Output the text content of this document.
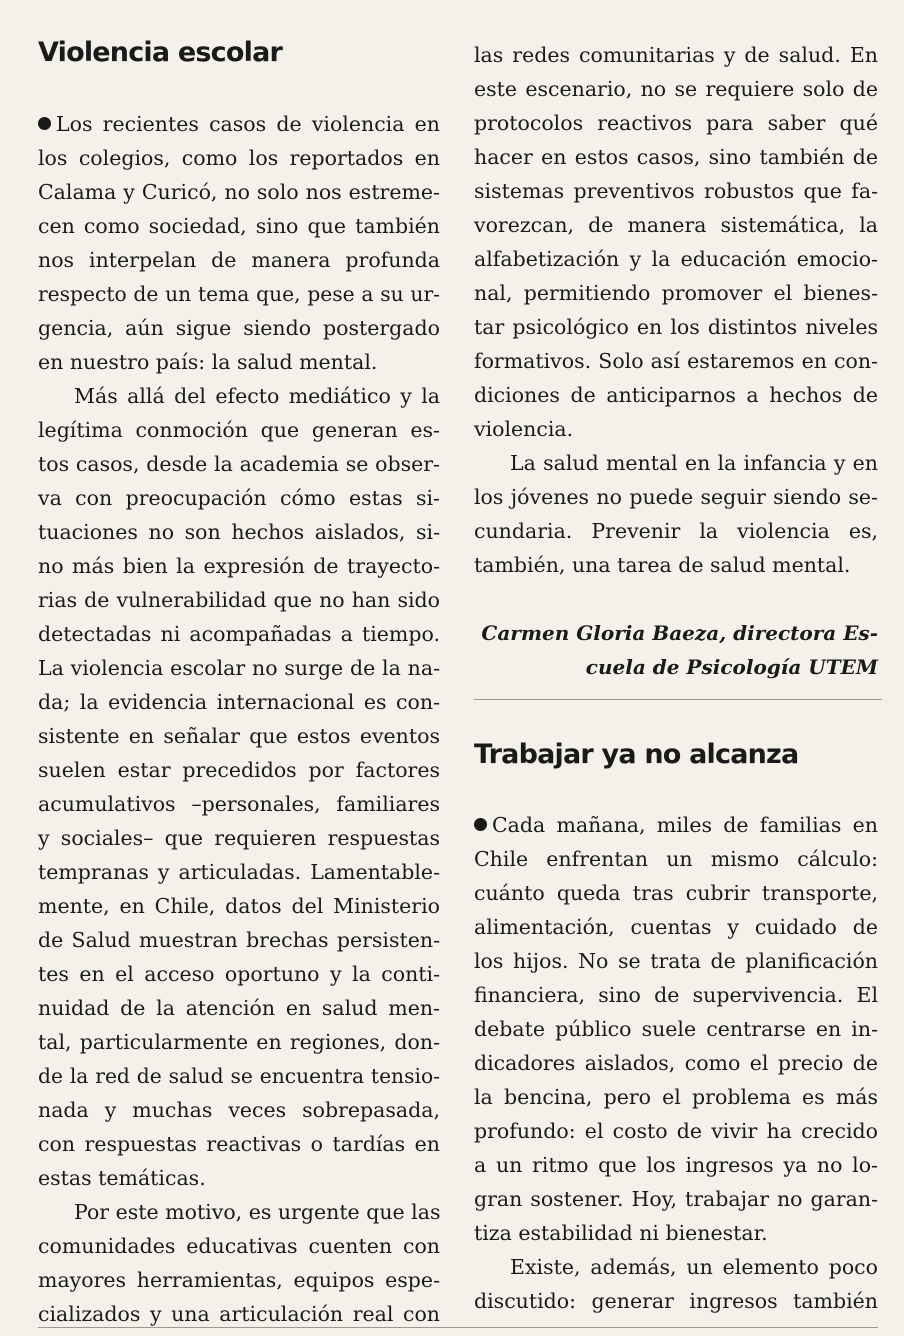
Violencia escolar
Los recientes casos de violencia en
los colegios, como los reportados en
Calama y Curicó, no solo nos estreme-
cen como sociedad, sino que también
nos interpelan de manera profunda
respecto de un tema que, pese a su ur-
gencia, aún sigue siendo postergado
en nuestro país: la salud mental.
Más allá del efecto mediático y la
legítima conmoción que generan es-
tos casos, desde la academia se obser-
va con preocupación cómo estas si-
tuaciones no son hechos aislados, si-
no más bien la expresión de trayecto-
rias de vulnerabilidad que no han sido
detectadas ni acompañadas a tiempo.
La violencia escolar no surge de la na-
da; la evidencia internacional es con-
sistente en señalar que estos eventos
suelen estar precedidos por factores
acumulativos –personales, familiares
y sociales– que requieren respuestas
tempranas y articuladas. Lamentable-
mente, en Chile, datos del Ministerio
de Salud muestran brechas persisten-
tes en el acceso oportuno y la conti-
nuidad de la atención en salud men-
tal, particularmente en regiones, don-
de la red de salud se encuentra tensio-
nada y muchas veces sobrepasada,
con respuestas reactivas o tardías en
estas temáticas.
Por este motivo, es urgente que las
comunidades educativas cuenten con
mayores herramientas, equipos espe-
cializados y una articulación real con
las redes comunitarias y de salud. En
este escenario, no se requiere solo de
protocolos reactivos para saber qué
hacer en estos casos, sino también de
sistemas preventivos robustos que fa-
vorezcan, de manera sistemática, la
alfabetización y la educación emocio-
nal, permitiendo promover el bienes-
tar psicológico en los distintos niveles
formativos. Solo así estaremos en con-
diciones de anticiparnos a hechos de
violencia.
La salud mental en la infancia y en
los jóvenes no puede seguir siendo se-
cundaria. Prevenir la violencia es,
también, una tarea de salud mental.
Carmen Gloria Baeza, directora Es-
cuela de Psicología UTEM
Trabajar ya no alcanza
Cada mañana, miles de familias en
Chile enfrentan un mismo cálculo:
cuánto queda tras cubrir transporte,
alimentación, cuentas y cuidado de
los hijos. No se trata de planificación
financiera, sino de supervivencia. El
debate público suele centrarse en in-
dicadores aislados, como el precio de
la bencina, pero el problema es más
profundo: el costo de vivir ha crecido
a un ritmo que los ingresos ya no lo-
gran sostener. Hoy, trabajar no garan-
tiza estabilidad ni bienestar.
Existe, además, un elemento poco
discutido: generar ingresos también
